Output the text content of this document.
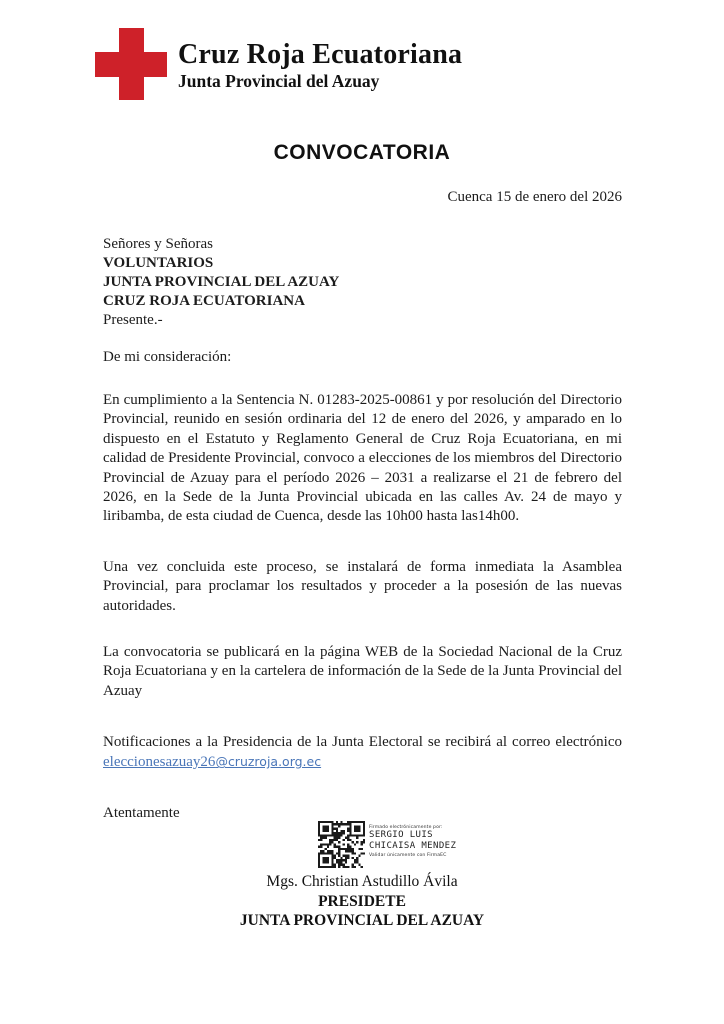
Cruz Roja Ecuatoriana
Junta Provincial del Azuay
CONVOCATORIA
Cuenca 15 de enero del 2026
Señores y Señoras
VOLUNTARIOS
JUNTA PROVINCIAL DEL AZUAY
CRUZ ROJA ECUATORIANA
Presente.-
De mi consideración:

En cumplimiento a la Sentencia N. 01283-2025-00861 y por resolución del Directorio Provincial, reunido en sesión ordinaria del 12 de enero del 2026, y amparado en lo dispuesto en el Estatuto y Reglamento General de Cruz Roja Ecuatoriana, en mi calidad de Presidente Provincial, convoco a elecciones de los miembros del Directorio Provincial de Azuay para el período 2026 – 2031 a realizarse el 21 de febrero del 2026, en la Sede de la Junta Provincial ubicada en las calles Av. 24 de mayo y liribamba, de esta ciudad de Cuenca, desde las 10h00 hasta las14h00.

Una vez concluida este proceso, se instalará de forma inmediata la Asamblea Provincial, para proclamar los resultados y proceder a la posesión de las nuevas autoridades.

La convocatoria se publicará en la página WEB de la Sociedad Nacional de la Cruz Roja Ecuatoriana y en la cartelera de información de la Sede de la Junta Provincial del Azuay

Notificaciones a la Presidencia de la Junta Electoral se recibirá al correo electrónico eleccionesazuay26@cruzroja.org.ec

Atentamente
Firmado electrónicamente por:
SERGIO LUIS
CHICAISA MENDEZ
Validar únicamente con FirmaEC
Mgs. Christian Astudillo Ávila
PRESIDETE
JUNTA PROVINCIAL DEL AZUAY
